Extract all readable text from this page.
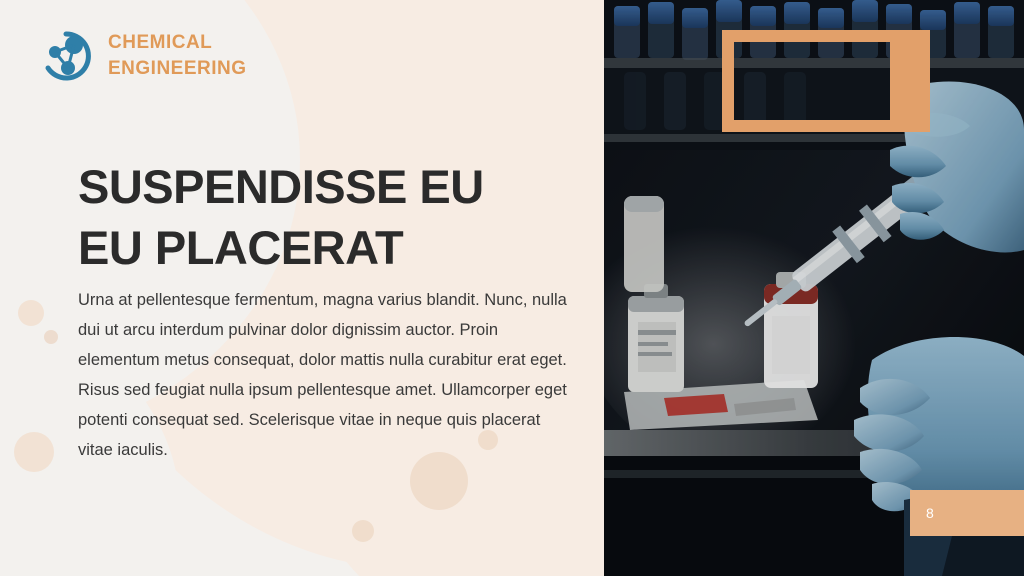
CHEMICAL
ENGINEERING
SUSPENDISSE EU EU PLACERAT

Urna at pellentesque fermentum, magna varius blandit. Nunc, nulla dui ut arcu interdum pulvinar dolor dignissim auctor. Proin elementum metus consequat, dolor mattis nulla curabitur erat eget. Risus sed feugiat nulla ipsum pellentesque amet. Ullamcorper eget potenti consequat sed. Scelerisque vitae in neque quis placerat vitae iaculis.

8
